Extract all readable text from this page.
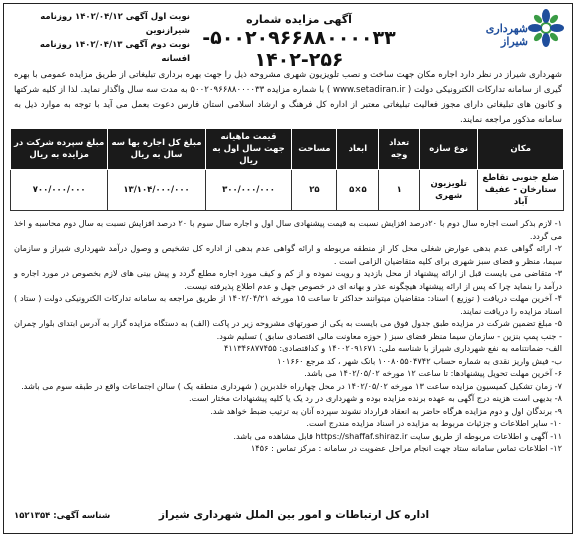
شهرداری شیراز
آگهی مزایده شماره ۵۰۰۲۰۹۶۶۸۸۰۰۰۰۳۳-
۱۴۰۲-۲۵۶
نوبت اول آگهی ۱۴۰۲/۰۴/۱۲ روزنامه شیرازنوین
نوبت دوم آگهی ۱۴۰۲/۰۴/۱۳ روزنامه افسانه
شهرداری شیراز در نظر دارد اجاره مکان جهت ساخت و نصب تلویزیون شهری مشروحه ذیل را جهت بهره برداری تبلیغاتی از طریق مزایده عمومی با بهره گیری از سامانه تدارکات الکترونیکی دولت ( www.setadiran.ir ) با شماره مزایده ۵۰۰۲۰۹۶۶۸۸۰۰۰۰۳۳ به مدت سه سال واگذار نماید. لذا از کلیه شرکتها و کانون های تبلیغاتی دارای مجوز فعالیت تبلیغاتی معتبر از اداره کل فرهنگ و ارشاد اسلامی استان فارس دعوت بعمل می آید با توجه به موارد ذیل به سامانه مذکور مراجعه نمایند.
مکان	نوع سازه	تعداد وجه	ابعاد	مساحت	قیمت ماهیانه جهت سال اول به ریال	مبلغ کل اجاره بها سه سال به ریال	مبلغ سپرده شرکت در مزایده به ریال
ضلع جنوبی تقاطع ستارخان - عفیف آباد	تلویزیون شهری	۱	۵×۵	۲۵	۳۰۰/۰۰۰/۰۰۰	۱۳/۱۰۴/۰۰۰/۰۰۰	۷۰۰/۰۰۰/۰۰۰

۱- لازم بذکر است اجاره سال دوم با ۲۰درصد افزایش نسبت به قیمت پیشنهادی سال اول و اجاره سال سوم با ۲۰ درصد افزایش نسبت به سال دوم محاسبه و اخذ می گردد.

۲- ارائه گواهی عدم بدهی عوارض شغلی محل کار از منطقه مربوطه و ارائه گواهی عدم بدهی از اداره کل تشخیص و وصول درآمد شهرداری شیراز و سازمان سیما، منظر و فضای سبز شهری برای کلیه متقاضیان الزامی است .

۳- متقاضی می بایست قبل از ارائه پیشنهاد از محل بازدید و رویت نموده و از کم و کیف مورد اجاره مطلع گردد و پیش بینی های لازم بخصوص در مورد اجاره و درآمد را بنماید چرا که پس از ارائه پیشنهاد هیچگونه عذر و بهانه ای در خصوص جهل و عدم اطلاع پذیرفته نیست.

۴- آخرین مهلت دریافت ( توزیع ) اسناد: متقاضیان میتوانند حداکثر تا ساعت ۱۵ مورخه ۱۴۰۲/۰۴/۲۱ از طریق مراجعه به سامانه تدارکات الکترونیکی دولت ( ستاد ) اسناد مزایده را دریافت نمایند.

۵- مبلغ تضمین شرکت در مزایده طبق جدول فوق می بایست به یکی از صورتهای مشروحه زیر در پاکت (الف) به دستگاه مزایده گزار به آدرس ابتدای بلوار چمران - جنب پمپ بنزین - سازمان سیما منظر فضای سبز ( حوزه معاونت مالی اقتصادی سابق ) تسلیم شود.

الف- ضمانتنامه به نفع شهرداری شیراز با شناسه ملی: ۱۴۰۰۲۰۹۱۶۷۱ و کداقتصادی: ۴۱۱۳۴۶۸۷۷۴۵۵

ب- فیش واریز نقدی به شماره حساب ۱۰۰۸۰۵۵۰۴۷۴۲ بانک شهر ، کد مرجع ۱۰۱۶۶۰

۶- آخرین مهلت تحویل پیشنهادها: تا ساعت ۱۲ مورخه ۱۴۰۲/۰۵/۰۲ می باشد.

۷- زمان تشکیل کمیسیون مزایده ساعت ۱۳ مورخه ۱۴۰۲/۰۵/۰۲ در محل چهارراه خلدبرین ( شهرداری منطقه یک ) سالن اجتماعات واقع در طبقه سوم می باشد.

۸- بدیهی است هزینه درج آگهی به عهده برنده مزایده بوده و شهرداری در رد یک یا کلیه پیشنهادات مختار است.

۹- برندگان اول و دوم مزایده هرگاه حاضر به انعقاد قرارداد نشوند سپرده آنان به ترتیب ضبط خواهد شد.

۱۰- سایر اطلاعات و جزئیات مربوط به مزایده در اسناد مزایده مندرج است.

۱۱- آگهی و اطلاعات مربوطه از طریق سایت https://shaffaf.shiraz.ir قابل مشاهده می باشد.

۱۲- اطلاعات تماس سامانه ستاد جهت انجام مراحل عضویت در سامانه : مرکز تماس : ۱۴۵۶

اداره کل ارتباطات و امور بین الملل شهرداری شیراز
شناسه آگهی: ۱۵۲۱۳۵۴
